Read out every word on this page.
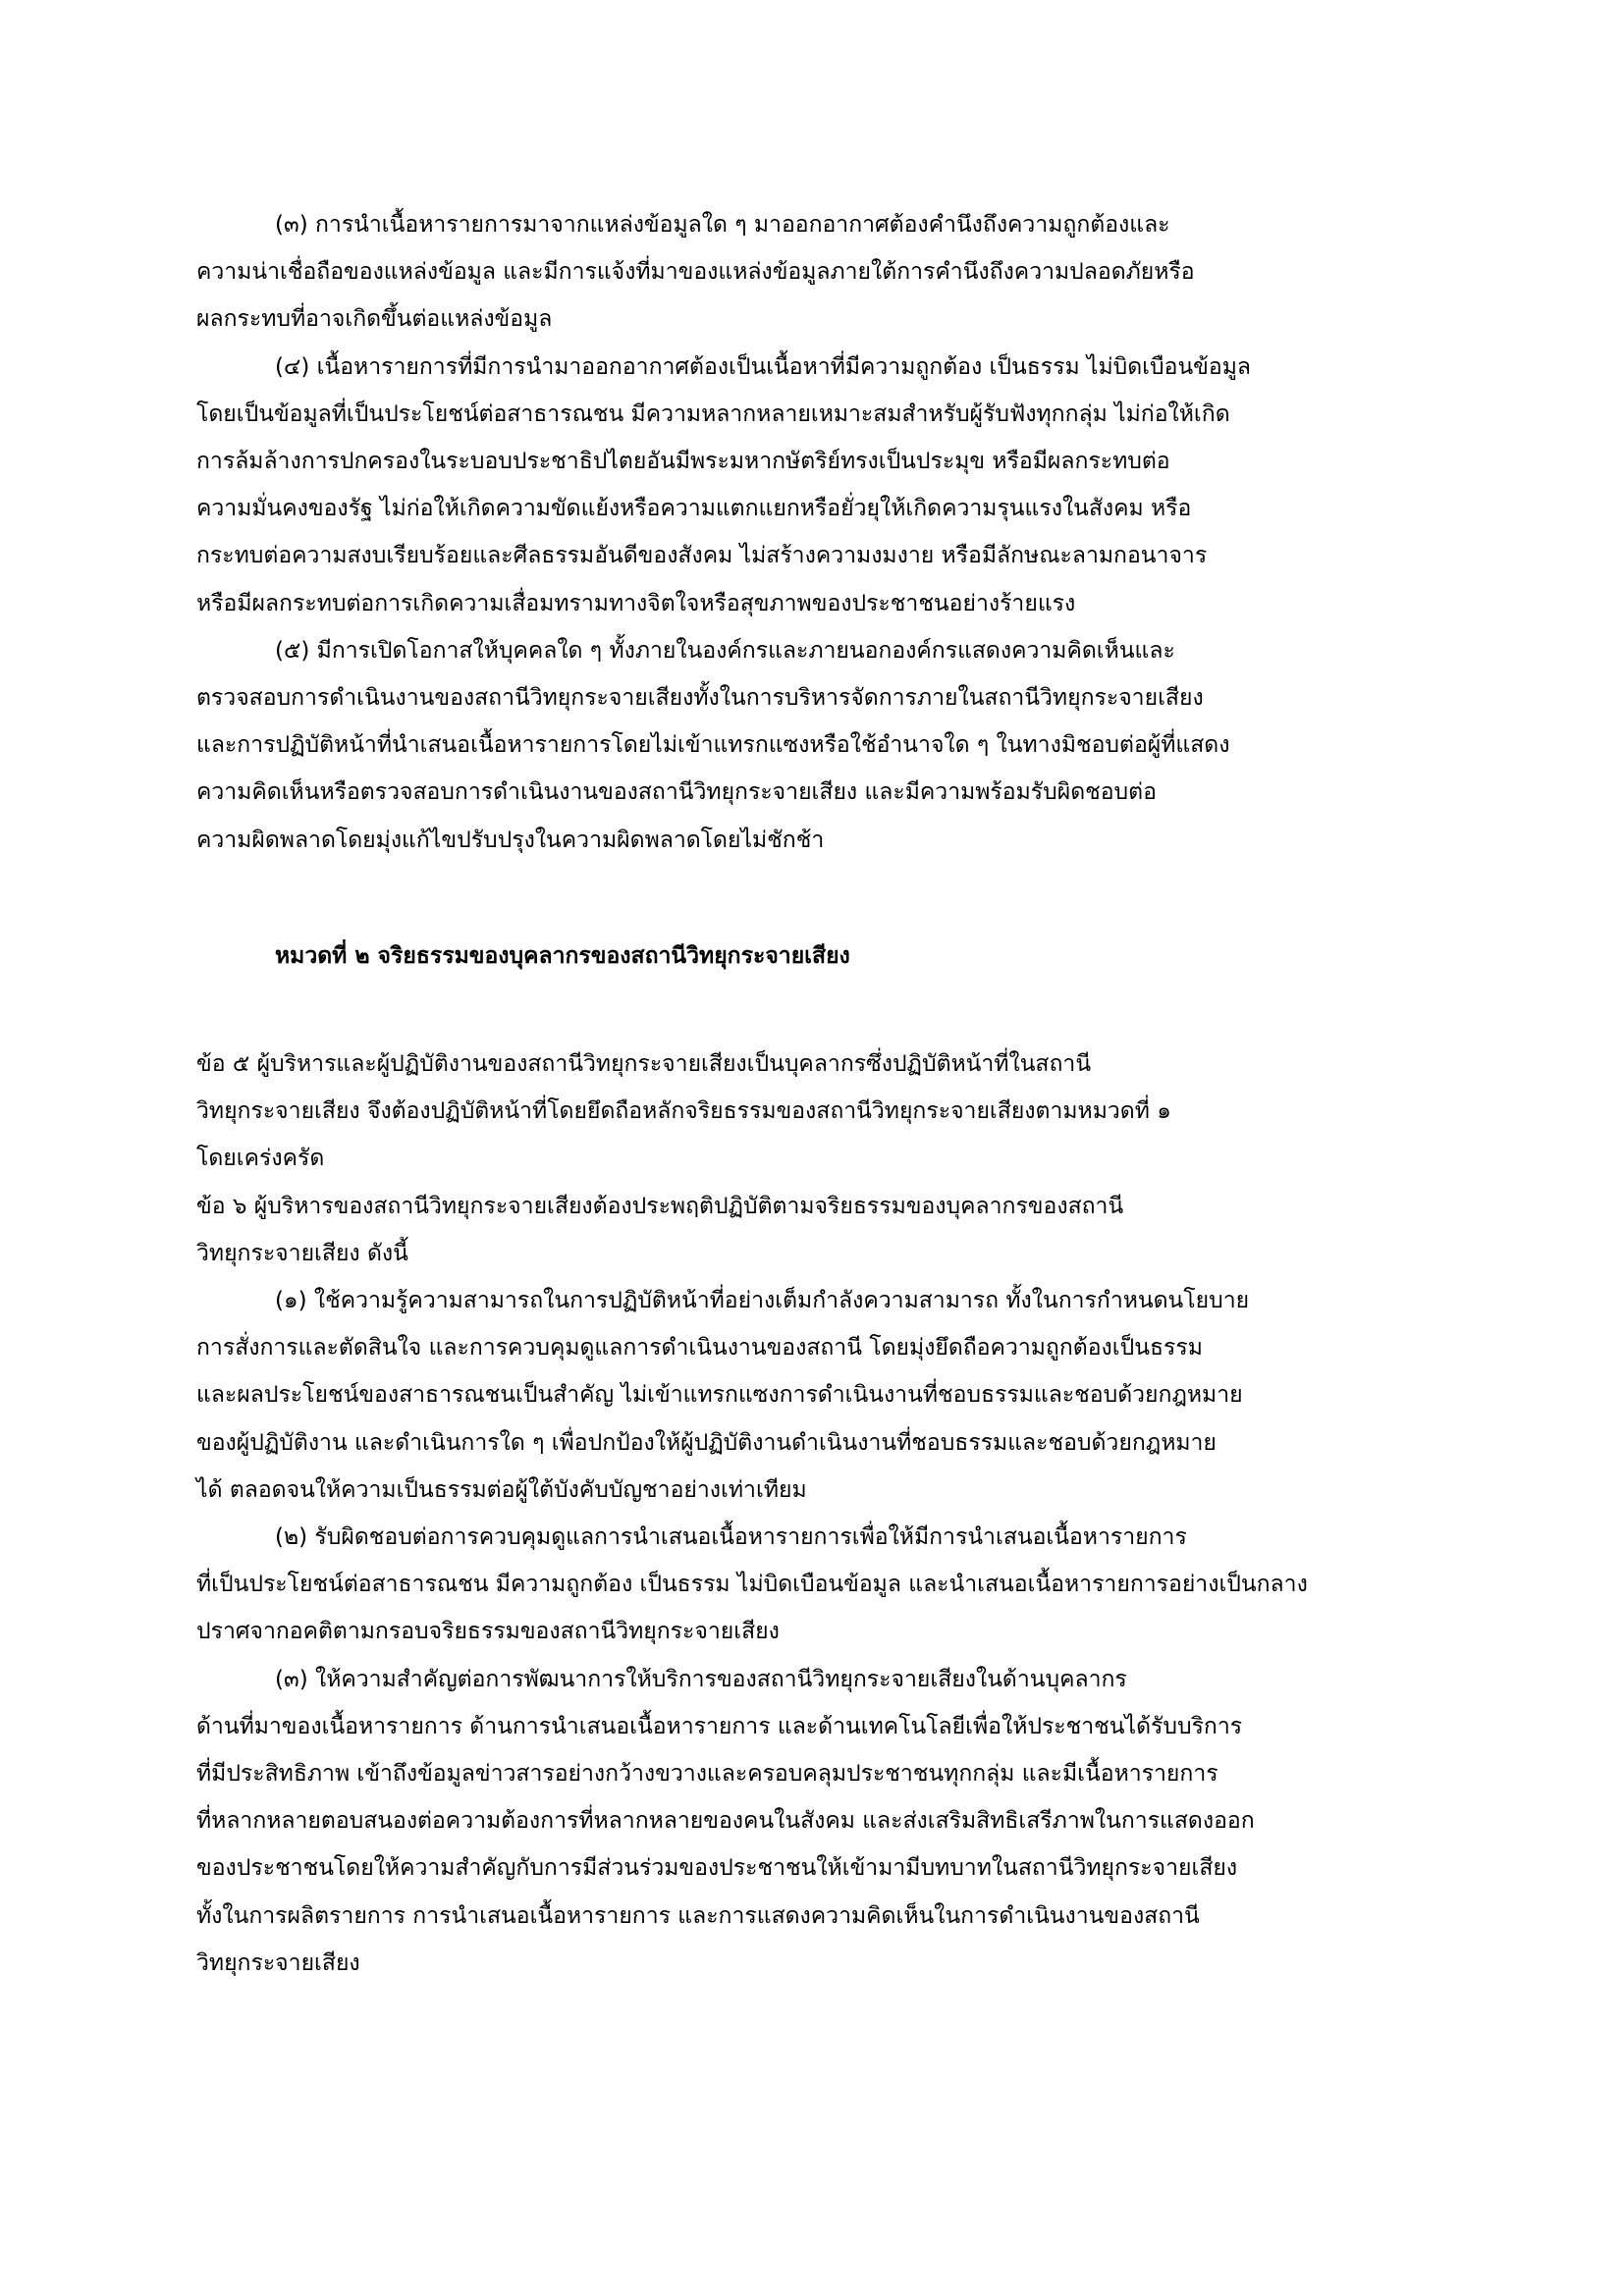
(๓) การนำเนื้อหารายการมาจากแหล่งข้อมูลใด ๆ มาออกอากาศต้องคำนึงถึงความถูกต้องและ
ความน่าเชื่อถือของแหล่งข้อมูล และมีการแจ้งที่มาของแหล่งข้อมูลภายใต้การคำนึงถึงความปลอดภัยหรือ
ผลกระทบที่อาจเกิดขึ้นต่อแหล่งข้อมูล

(๔) เนื้อหารายการที่มีการนำมาออกอากาศต้องเป็นเนื้อหาที่มีความถูกต้อง เป็นธรรม ไม่บิดเบือนข้อมูล
โดยเป็นข้อมูลที่เป็นประโยชน์ต่อสาธารณชน มีความหลากหลายเหมาะสมสำหรับผู้รับฟังทุกกลุ่ม ไม่ก่อให้เกิด
การล้มล้างการปกครองในระบอบประชาธิปไตยอันมีพระมหากษัตริย์ทรงเป็นประมุข หรือมีผลกระทบต่อ
ความมั่นคงของรัฐ ไม่ก่อให้เกิดความขัดแย้งหรือความแตกแยกหรือยั่วยุให้เกิดความรุนแรงในสังคม หรือ
กระทบต่อความสงบเรียบร้อยและศีลธรรมอันดีของสังคม ไม่สร้างความงมงาย หรือมีลักษณะลามกอนาจาร
หรือมีผลกระทบต่อการเกิดความเสื่อมทรามทางจิตใจหรือสุขภาพของประชาชนอย่างร้ายแรง

(๕) มีการเปิดโอกาสให้บุคคลใด ๆ ทั้งภายในองค์กรและภายนอกองค์กรแสดงความคิดเห็นและ
ตรวจสอบการดำเนินงานของสถานีวิทยุกระจายเสียงทั้งในการบริหารจัดการภายในสถานีวิทยุกระจายเสียง
และการปฏิบัติหน้าที่นำเสนอเนื้อหารายการโดยไม่เข้าแทรกแซงหรือใช้อำนาจใด ๆ ในทางมิชอบต่อผู้ที่แสดง
ความคิดเห็นหรือตรวจสอบการดำเนินงานของสถานีวิทยุกระจายเสียง และมีความพร้อมรับผิดชอบต่อ
ความผิดพลาดโดยมุ่งแก้ไขปรับปรุงในความผิดพลาดโดยไม่ชักช้า

หมวดที่ ๒ จริยธรรมของบุคลากรของสถานีวิทยุกระจายเสียง

ข้อ ๕ ผู้บริหารและผู้ปฏิบัติงานของสถานีวิทยุกระจายเสียงเป็นบุคลากรซึ่งปฏิบัติหน้าที่ในสถานี
วิทยุกระจายเสียง จึงต้องปฏิบัติหน้าที่โดยยึดถือหลักจริยธรรมของสถานีวิทยุกระจายเสียงตามหมวดที่ ๑
โดยเคร่งครัด

ข้อ ๖ ผู้บริหารของสถานีวิทยุกระจายเสียงต้องประพฤติปฏิบัติตามจริยธรรมของบุคลากรของสถานี
วิทยุกระจายเสียง ดังนี้

(๑) ใช้ความรู้ความสามารถในการปฏิบัติหน้าที่อย่างเต็มกำลังความสามารถ ทั้งในการกำหนดนโยบาย
การสั่งการและตัดสินใจ และการควบคุมดูแลการดำเนินงานของสถานี โดยมุ่งยึดถือความถูกต้องเป็นธรรม
และผลประโยชน์ของสาธารณชนเป็นสำคัญ ไม่เข้าแทรกแซงการดำเนินงานที่ชอบธรรมและชอบด้วยกฎหมาย
ของผู้ปฏิบัติงาน และดำเนินการใด ๆ เพื่อปกป้องให้ผู้ปฏิบัติงานดำเนินงานที่ชอบธรรมและชอบด้วยกฎหมาย
ได้ ตลอดจนให้ความเป็นธรรมต่อผู้ใต้บังคับบัญชาอย่างเท่าเทียม

(๒) รับผิดชอบต่อการควบคุมดูแลการนำเสนอเนื้อหารายการเพื่อให้มีการนำเสนอเนื้อหารายการ
ที่เป็นประโยชน์ต่อสาธารณชน มีความถูกต้อง เป็นธรรม ไม่บิดเบือนข้อมูล และนำเสนอเนื้อหารายการอย่างเป็นกลาง
ปราศจากอคติตามกรอบจริยธรรมของสถานีวิทยุกระจายเสียง

(๓) ให้ความสำคัญต่อการพัฒนาการให้บริการของสถานีวิทยุกระจายเสียงในด้านบุคลากร
ด้านที่มาของเนื้อหารายการ ด้านการนำเสนอเนื้อหารายการ และด้านเทคโนโลยีเพื่อให้ประชาชนได้รับบริการ
ที่มีประสิทธิภาพ เข้าถึงข้อมูลข่าวสารอย่างกว้างขวางและครอบคลุมประชาชนทุกกลุ่ม และมีเนื้อหารายการ
ที่หลากหลายตอบสนองต่อความต้องการที่หลากหลายของคนในสังคม และส่งเสริมสิทธิเสรีภาพในการแสดงออก
ของประชาชนโดยให้ความสำคัญกับการมีส่วนร่วมของประชาชนให้เข้ามามีบทบาทในสถานีวิทยุกระจายเสียง
ทั้งในการผลิตรายการ การนำเสนอเนื้อหารายการ และการแสดงความคิดเห็นในการดำเนินงานของสถานี
วิทยุกระจายเสียง
